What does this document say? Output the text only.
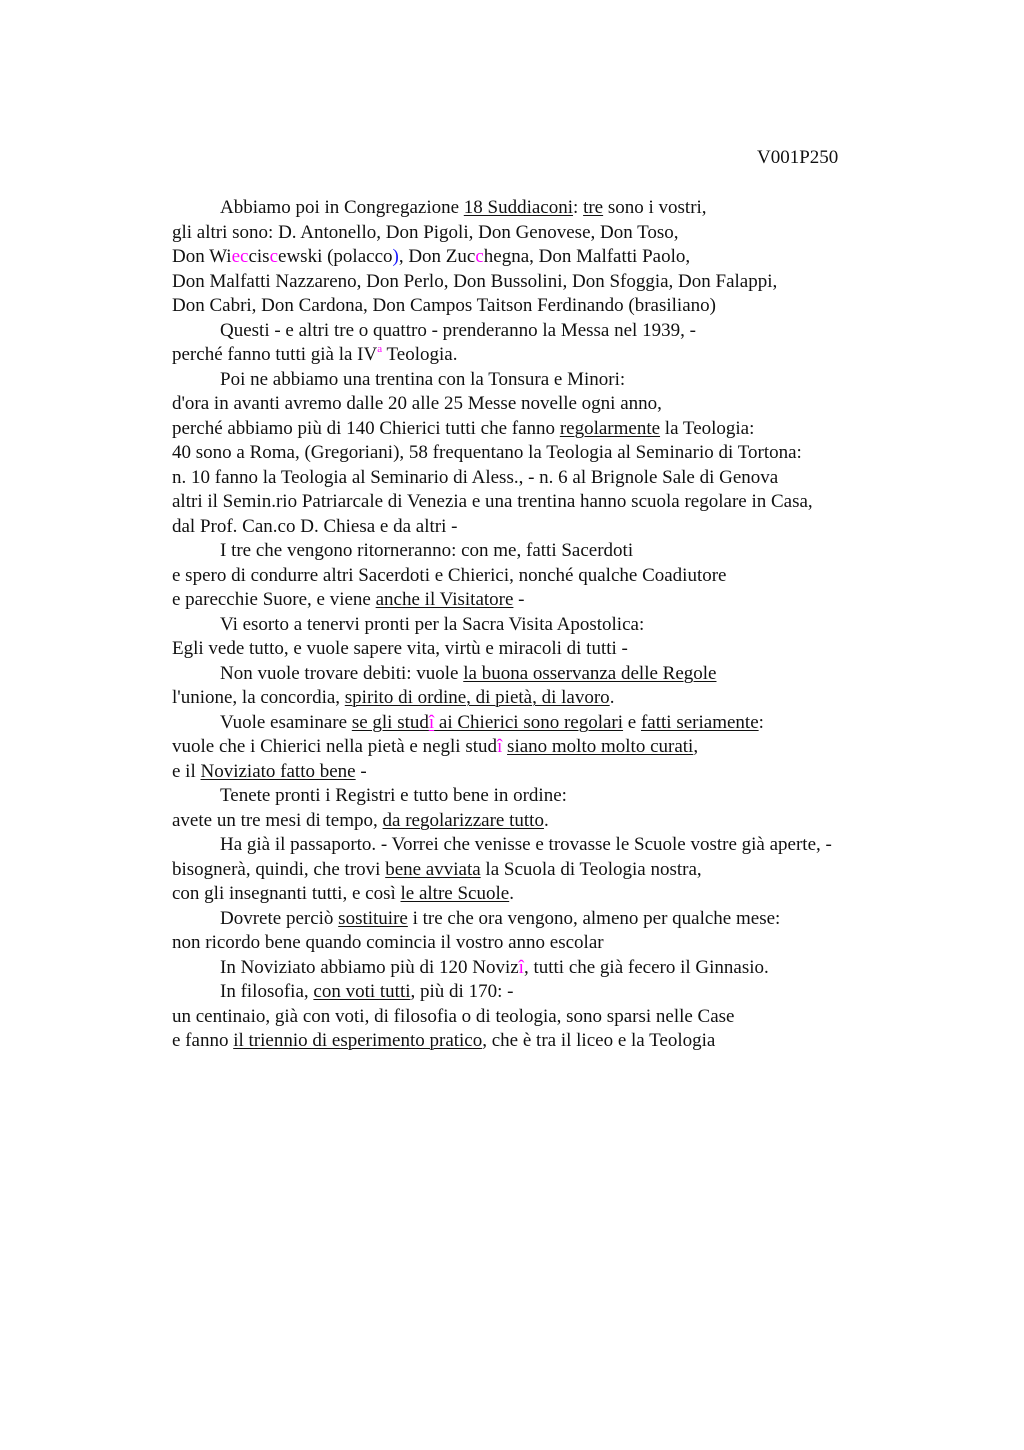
V001P250
Abbiamo poi in Congregazione 18 Suddiaconi: tre sono i vostri,
gli altri sono: D. Antonello, Don Pigoli, Don Genovese, Don Toso,
Don Wiecciscewski (polacco), Don Zucchegna, Don Malfatti Paolo,
Don Malfatti Nazzareno, Don Perlo, Don Bussolini, Don Sfoggia, Don Falappi,
Don Cabri, Don Cardona, Don Campos Taitson Ferdinando (brasiliano)
Questi - e altri tre o quattro - prenderanno la Messa nel 1939, -
perché fanno tutti già la $IV^a$ Teologia.
Poi ne abbiamo una trentina con la Tonsura e Minori:
d'ora in avanti avremo dalle 20 alle 25 Messe novelle ogni anno,
perché abbiamo più di 140 Chierici tutti che fanno regolarmente la Teologia:
40 sono a Roma, (Gregoriani), 58 frequentano la Teologia al Seminario di Tortona:
n. 10 fanno la Teologia al Seminario di Aless., - n. 6 al Brignole Sale di Genova
altri il Semin.rio Patriarcale di Venezia e una trentina hanno scuola regolare in Casa,
dal Prof. Can.co D. Chiesa e da altri -
I tre che vengono ritorneranno: con me, fatti Sacerdoti
e spero di condurre altri Sacerdoti e Chierici, nonché qualche Coadiutore
e parecchie Suore, e viene anche il Visitatore -
Vi esorto a tenervi pronti per la Sacra Visita Apostolica:
Egli vede tutto, e vuole sapere vita, virtù e miracoli di tutti -
Non vuole trovare debiti: vuole la buona osservanza delle Regole
l'unione, la concordia, spirito di ordine, di pietà, di lavoro.
Vuole esaminare se gli studî ai Chierici sono regolari e fatti seriamente:
vuole che i Chierici nella pietà e negli studî siano molto molto curati,
e il Noviziato fatto bene -
Tenete pronti i Registri e tutto bene in ordine:
avete un tre mesi di tempo, da regolarizzare tutto.
Ha già il passaporto. - Vorrei che venisse e trovasse le Scuole vostre già aperte, -
bisognerà, quindi, che trovi bene avviata la Scuola di Teologia nostra,
con gli insegnanti tutti, e così le altre Scuole.
Dovrete perciò sostituire i tre che ora vengono, almeno per qualche mese:
non ricordo bene quando comincia il vostro anno escolar
In Noviziato abbiamo più di 120 Novizî, tutti che già fecero il Ginnasio.
In filosofia, con voti tutti, più di 170: -
un centinaio, già con voti, di filosofia o di teologia, sono sparsi nelle Case
e fanno il triennio di esperimento pratico, che è tra il liceo e la Teologia
